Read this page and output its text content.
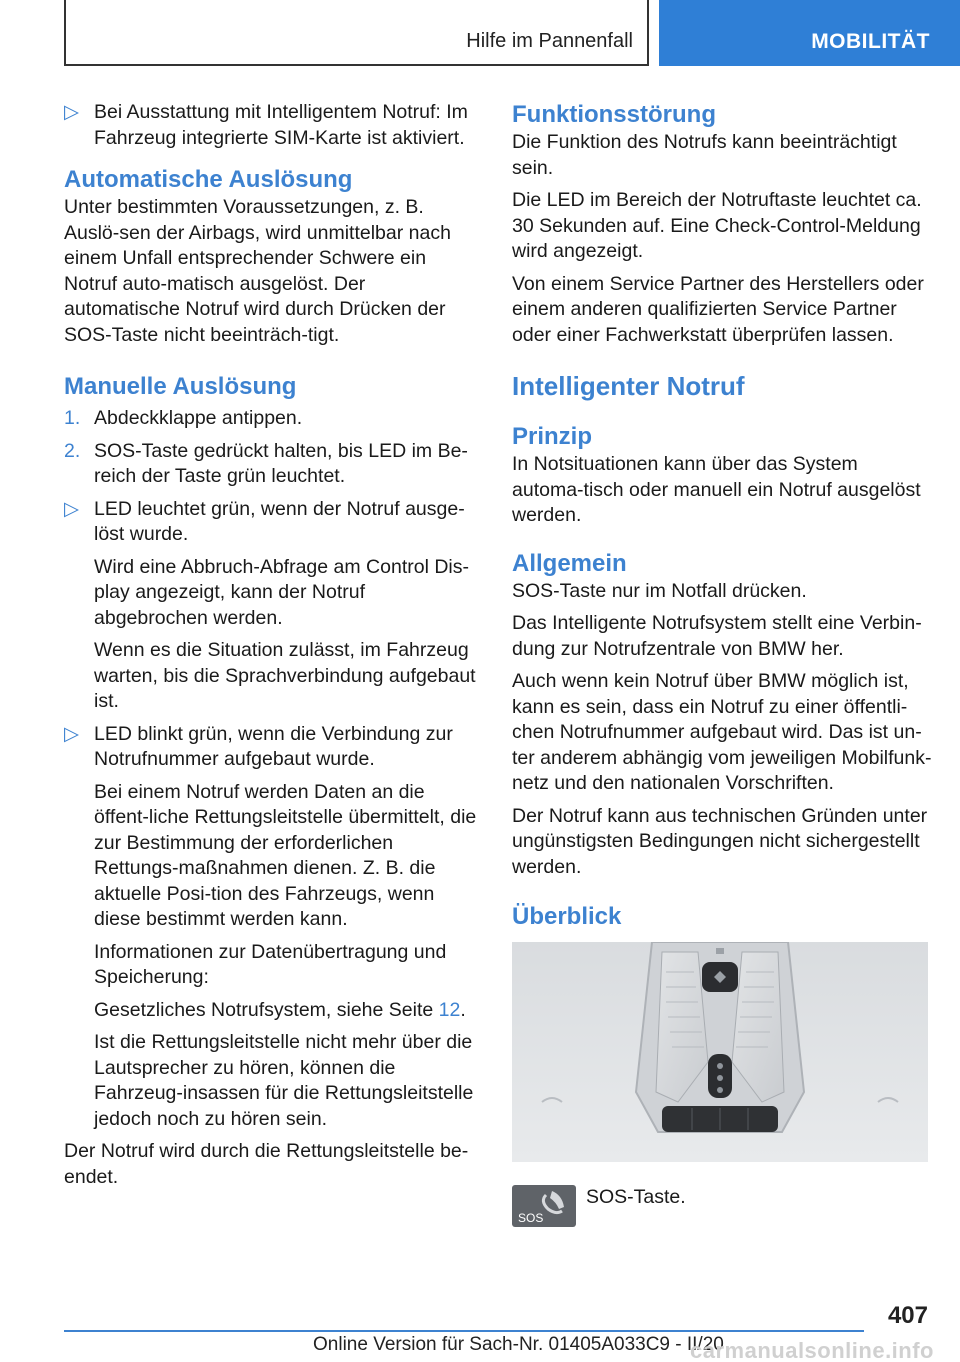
Hilfe im Pannenfall	MOBILITÄT
▷ Bei Ausstattung mit Intelligentem Notruf: Im Fahrzeug integrierte SIM-Karte ist aktiviert.
Automatische Auslösung
Unter bestimmten Voraussetzungen, z. B. Auslö-sen der Airbags, wird unmittelbar nach einem Unfall entsprechender Schwere ein Notruf auto-matisch ausgelöst. Der automatische Notruf wird durch Drücken der SOS-Taste nicht beeinträch-tigt.
Manuelle Auslösung
1. Abdeckklappe antippen.
2. SOS-Taste gedrückt halten, bis LED im Be-reich der Taste grün leuchtet.
▷ LED leuchtet grün, wenn der Notruf ausge-löst wurde.
Wird eine Abbruch-Abfrage am Control Dis-play angezeigt, kann der Notruf abgebrochen werden.
Wenn es die Situation zulässt, im Fahrzeug warten, bis die Sprachverbindung aufgebaut ist.
▷ LED blinkt grün, wenn die Verbindung zur Notrufnummer aufgebaut wurde.
Bei einem Notruf werden Daten an die öffent-liche Rettungsleitstelle übermittelt, die zur Bestimmung der erforderlichen Rettungs-maßnahmen dienen. Z. B. die aktuelle Posi-tion des Fahrzeugs, wenn diese bestimmt werden kann.
Informationen zur Datenübertragung und Speicherung:
Gesetzliches Notrufsystem, siehe Seite 12.
Ist die Rettungsleitstelle nicht mehr über die Lautsprecher zu hören, können die Fahrzeug-insassen für die Rettungsleitstelle jedoch noch zu hören sein.
Der Notruf wird durch die Rettungsleitstelle be-endet.
Funktionsstörung
Die Funktion des Notrufs kann beeinträchtigt sein.
Die LED im Bereich der Notruftaste leuchtet ca. 30 Sekunden auf. Eine Check-Control-Meldung wird angezeigt.
Von einem Service Partner des Herstellers oder einem anderen qualifizierten Service Partner oder einer Fachwerkstatt überprüfen lassen.
Intelligenter Notruf
Prinzip
In Notsituationen kann über das System automa-tisch oder manuell ein Notruf ausgelöst werden.
Allgemein
SOS-Taste nur im Notfall drücken.
Das Intelligente Notrufsystem stellt eine Verbin-dung zur Notrufzentrale von BMW her.
Auch wenn kein Notruf über BMW möglich ist, kann es sein, dass ein Notruf zu einer öffentli-chen Notrufnummer aufgebaut wird. Das ist un-ter anderem abhängig vom jeweiligen Mobilfunk-netz und den nationalen Vorschriften.
Der Notruf kann aus technischen Gründen unter ungünstigsten Bedingungen nicht sichergestellt werden.
Überblick
SOS
SOS-Taste.
407
Online Version für Sach-Nr. 01405A033C9 - II/20
carmanualsonline.info
